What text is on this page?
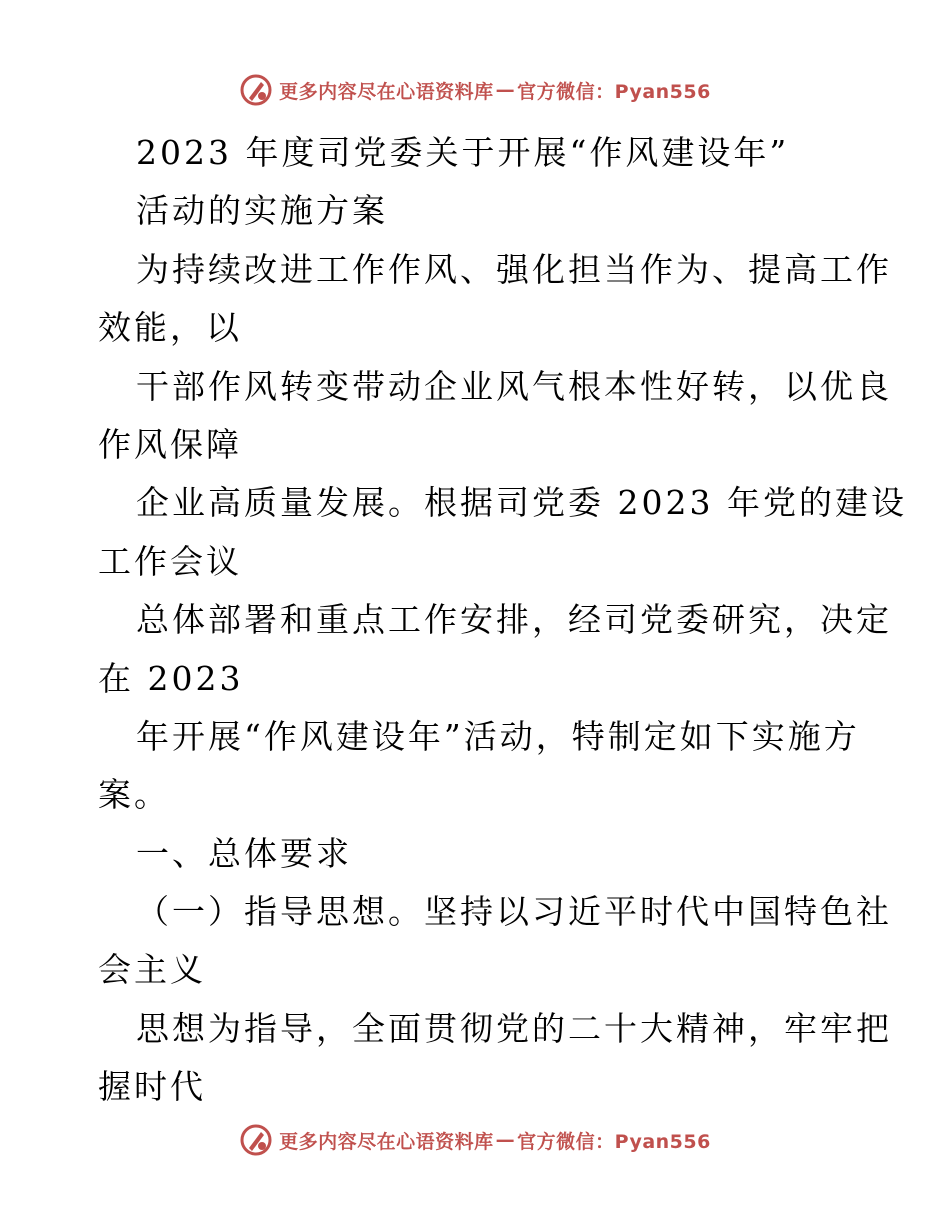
更多内容尽在心语资料库 — 官方微信：Pyan556
2023 年度司党委关于开展“作风建设年”
活动的实施方案
为持续改进工作作风、强化担当作为、提高工作
效能，以
干部作风转变带动企业风气根本性好转，以优良
作风保障
企业高质量发展。根据司党委 2023 年党的建设
工作会议
总体部署和重点工作安排，经司党委研究，决定
在 2023
年开展“作风建设年”活动，特制定如下实施方
案。
一、总体要求
（一）指导思想。坚持以习近平时代中国特色社
会主义
思想为指导，全面贯彻党的二十大精神，牢牢把
握时代
更多内容尽在心语资料库 — 官方微信：Pyan556
